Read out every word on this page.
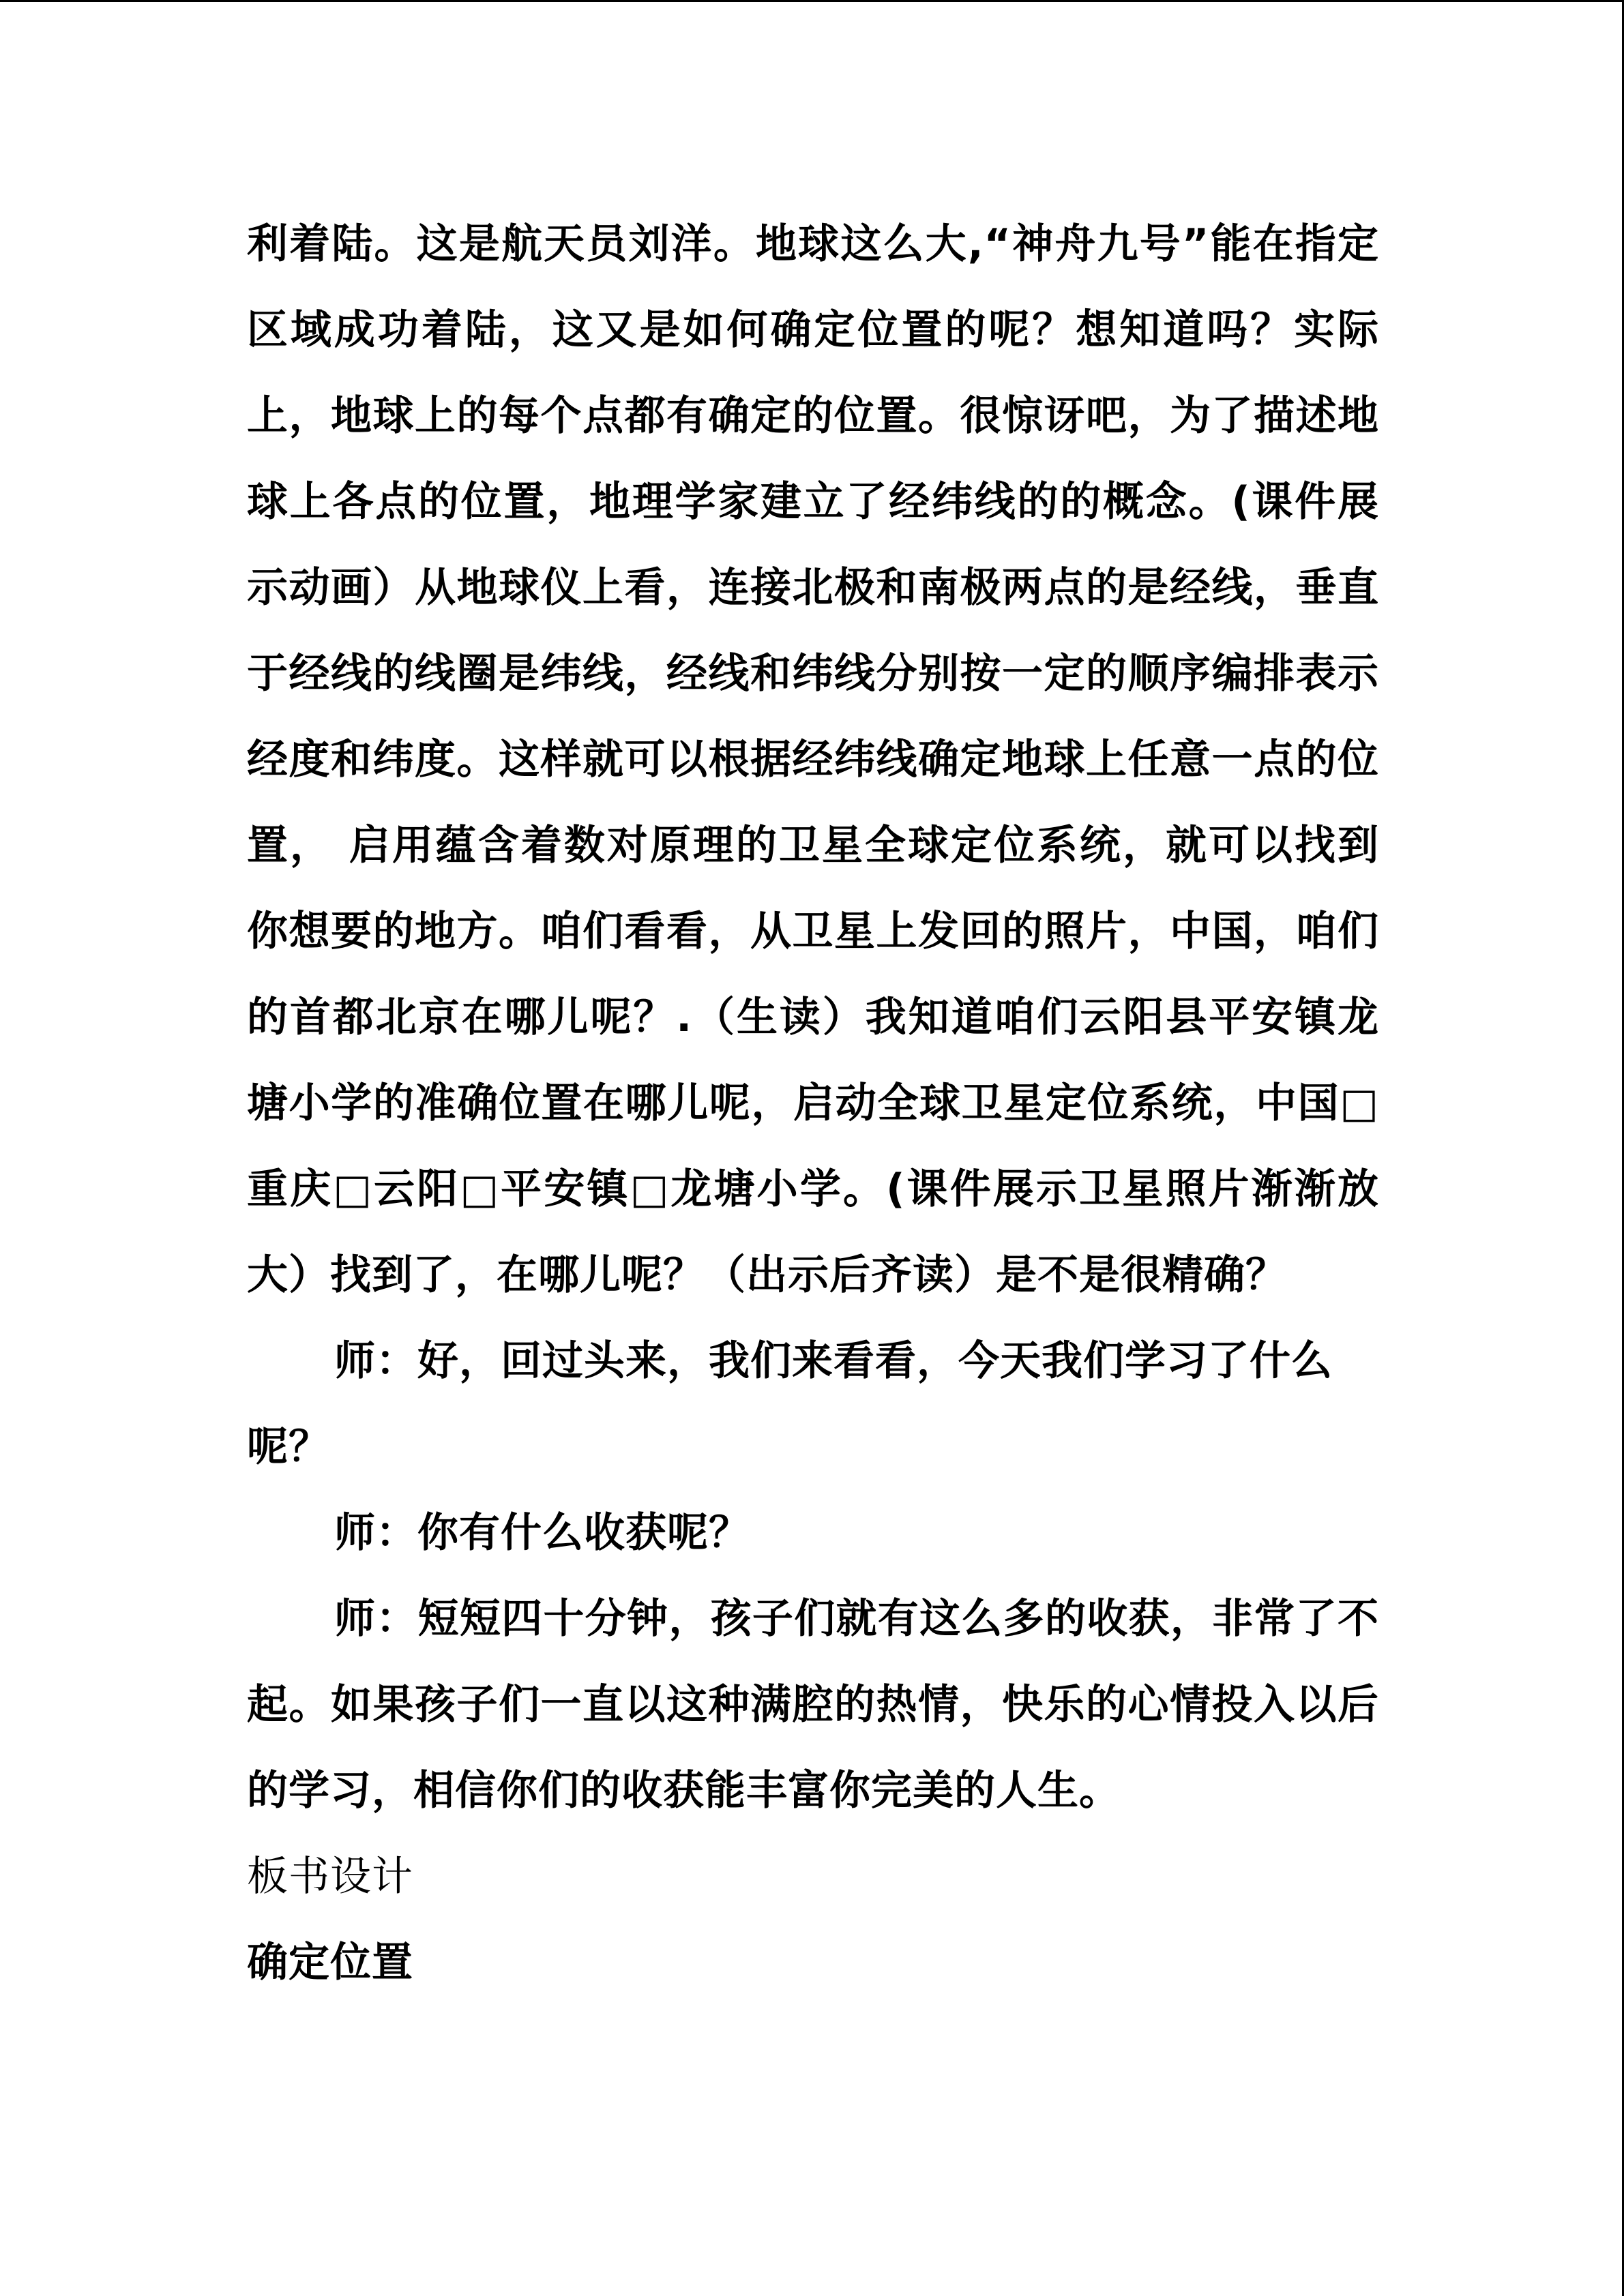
利着陆。这是航天员刘洋。地球这么大,“神舟九号”能在指定区域成功着陆，这又是如何确定位置的呢？想知道吗？实际上，地球上的每个点都有确定的位置。很惊讶吧，为了描述地球上各点的位置，地理学家建立了经纬线的的概念。(课件展示动画）从地球仪上看，连接北极和南极两点的是经线，垂直于经线的线圈是纬线，经线和纬线分别按一定的顺序编排表示经度和纬度。这样就可以根据经纬线确定地球上任意一点的位置， 启用蕴含着数对原理的卫星全球定位系统，就可以找到你想要的地方。咱们看看，从卫星上发回的照片，中国，咱们的首都北京在哪儿呢？.（生读）我知道咱们云阳县平安镇龙塘小学的准确位置在哪儿呢，启动全球卫星定位系统，中国□重庆□云阳□平安镇□龙塘小学。(课件展示卫星照片渐渐放大）找到了，在哪儿呢？（出示后齐读）是不是很精确？

师：好，回过头来，我们来看看，今天我们学习了什么呢？

师：你有什么收获呢？

师：短短四十分钟，孩子们就有这么多的收获，非常了不起。如果孩子们一直以这种满腔的热情，快乐的心情投入以后的学习，相信你们的收获能丰富你完美的人生。

板书设计

确定位置
